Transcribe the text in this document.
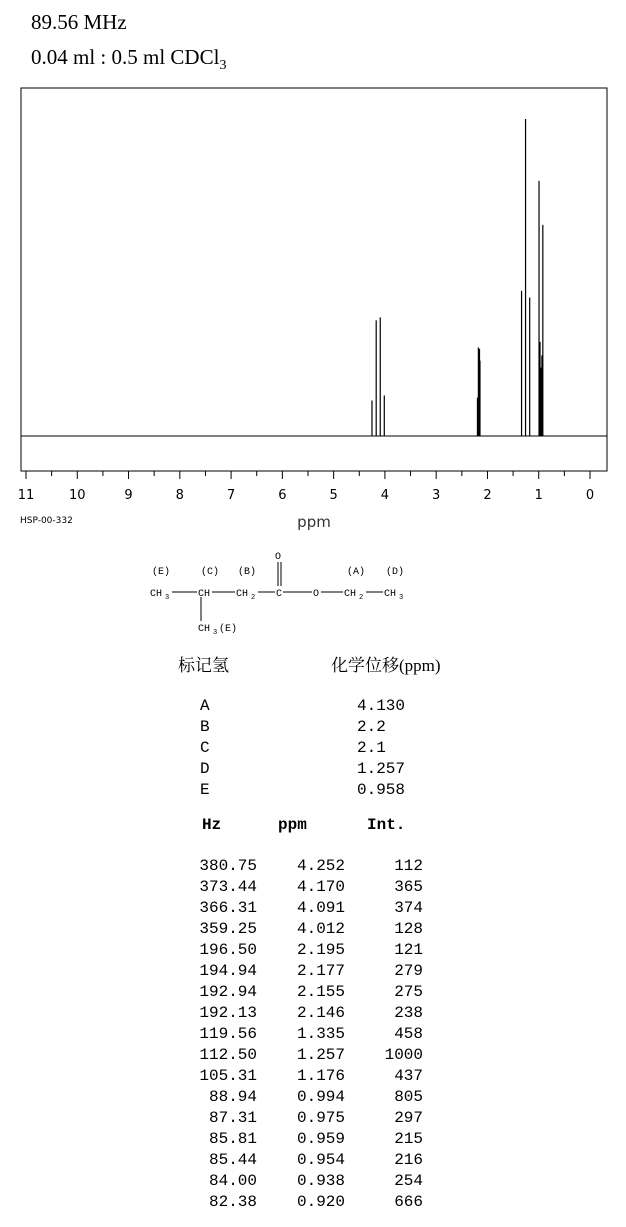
89.56 MHz
0.04 ml : 0.5 ml CDCl$_3$
11	10	9	8	7	6	5	4	3	2	1	0
ppm
HSP-00-332
(E)	(C) (B)	(A) (D)
O
CH 3	CH	CH 2 C	O CH 2 CH 3
CH 3 (E)
标记氢	化学位移(ppm)
A	4.130
B	2.2
C	2.1
D	1.257
E	0.958
Hz	ppm	Int.
380.75	4.252	112
373.44	4.170	365
366.31	4.091	374
359.25	4.012	128
196.50	2.195	121
194.94	2.177	279
192.94	2.155	275
192.13	2.146	238
119.56	1.335	458
112.50	1.257	1000
105.31	1.176	437
88.94	0.994	805
87.31	0.975	297
85.81	0.959	215
85.44	0.954	216
84.00	0.938	254
82.38	0.920	666
